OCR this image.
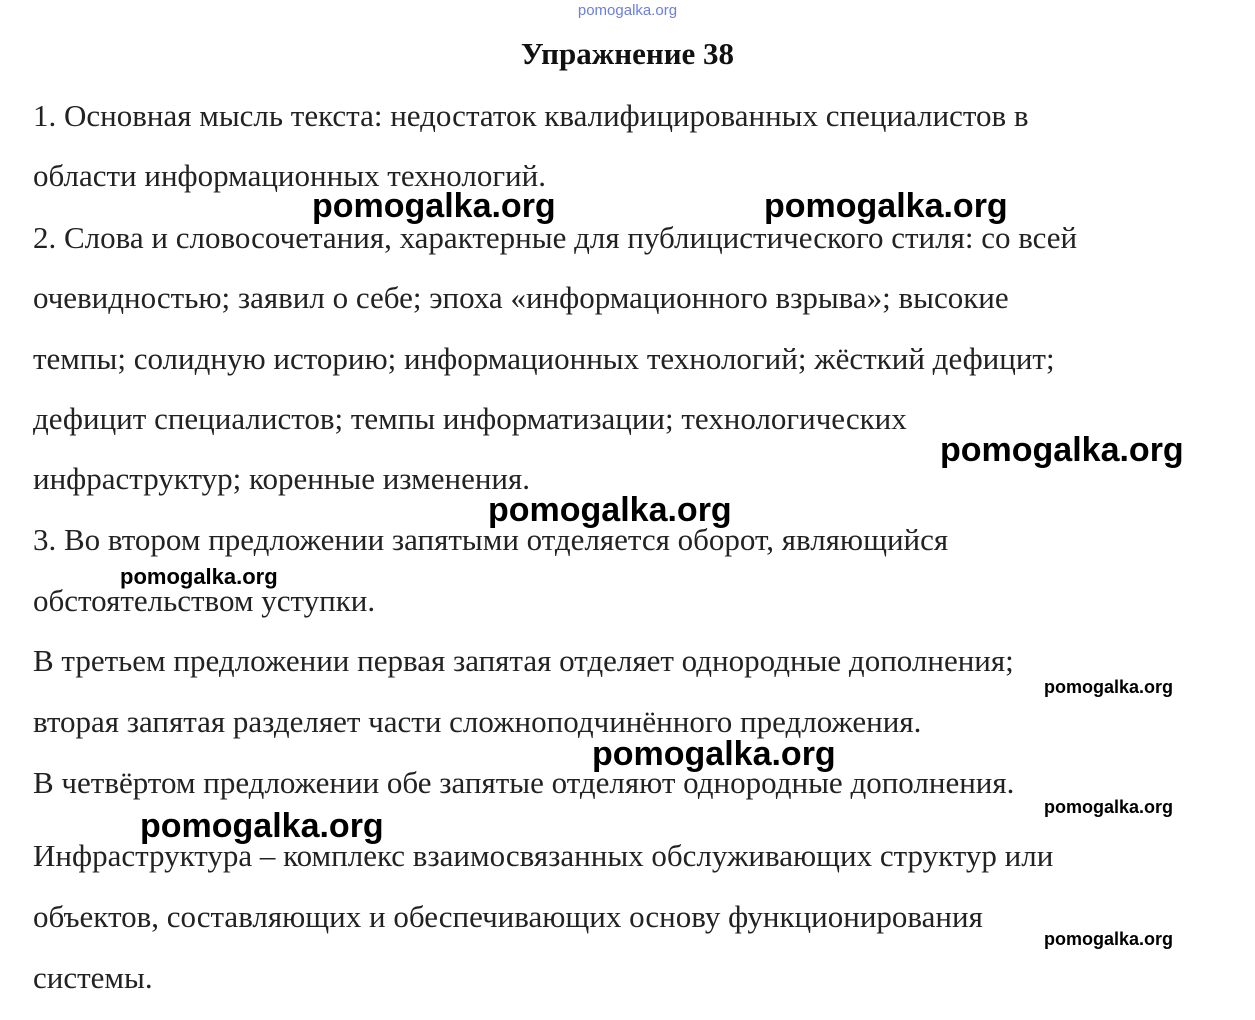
pomogalka.org
Упражнение 38
1. Основная мысль текста: недостаток квалифицированных специалистов в
области информационных технологий.
2. Слова и словосочетания, характерные для публицистического стиля: со всей
очевидностью; заявил о себе; эпоха «информационного взрыва»; высокие
темпы; солидную историю; информационных технологий; жёсткий дефицит;
дефицит специалистов; темпы информатизации; технологических
инфраструктур; коренные изменения.
3. Во втором предложении запятыми отделяется оборот, являющийся
обстоятельством уступки.
В третьем предложении первая запятая отделяет однородные дополнения;
вторая запятая разделяет части сложноподчинённого предложения.
В четвёртом предложении обе запятые отделяют однородные дополнения.
Инфраструктура – комплекс взаимосвязанных обслуживающих структур или
объектов, составляющих и обеспечивающих основу функционирования
системы.
pomogalka.org	pomogalka.org
pomogalka.org
pomogalka.org
pomogalka.org
pomogalka.org
pomogalka.org
pomogalka.org
pomogalka.org
pomogalka.org
